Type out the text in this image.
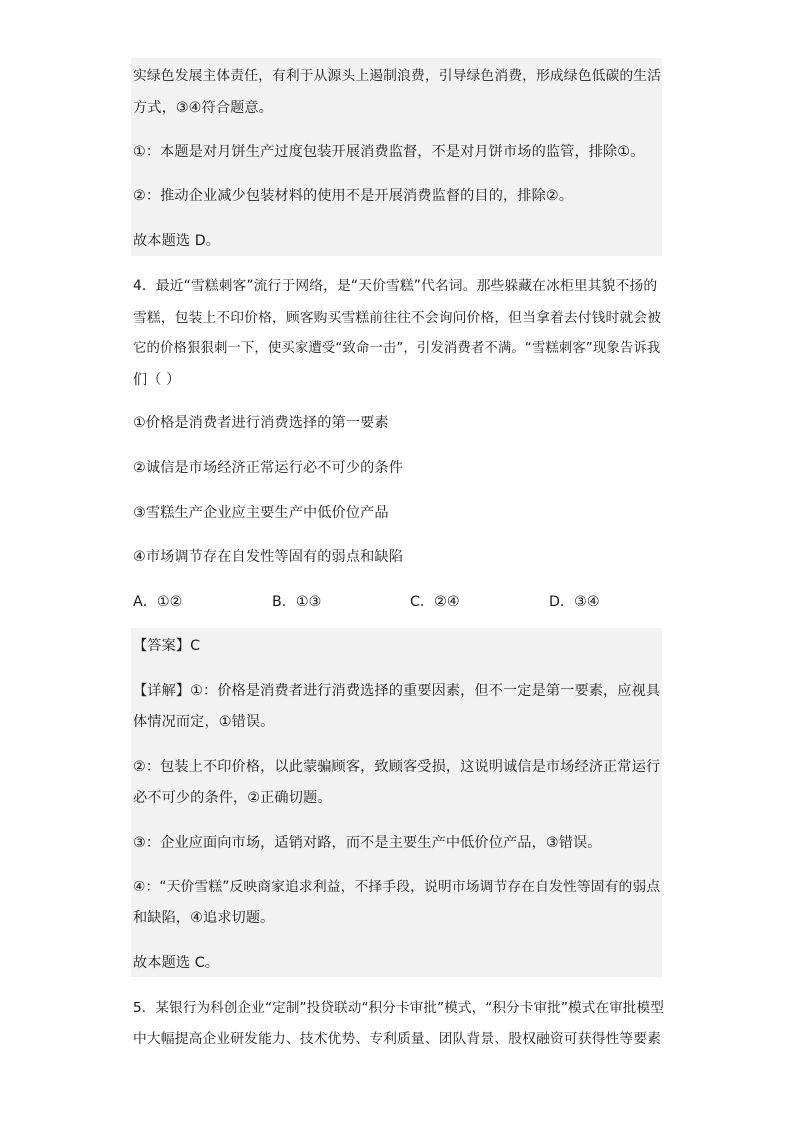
实绿色发展主体责任，有利于从源头上遏制浪费，引导绿色消费，形成绿色低碳的生活
方式，③④符合题意。
①：本题是对月饼生产过度包装开展消费监督，不是对月饼市场的监管，排除①。
②：推动企业减少包装材料的使用不是开展消费监督的目的，排除②。
故本题选 D。
4．最近“雪糕刺客”流行于网络，是“天价雪糕”代名词。那些躲藏在冰柜里其貌不扬的
雪糕，包装上不印价格，顾客购买雪糕前往往不会询问价格，但当拿着去付钱时就会被
它的价格狠狠刺一下，使买家遭受“致命一击”，引发消费者不满。“雪糕刺客”现象告诉我
们（ ）
①价格是消费者进行消费选择的第一要素
②诚信是市场经济正常运行必不可少的条件
③雪糕生产企业应主要生产中低价位产品
④市场调节存在自发性等固有的弱点和缺陷
A．①②	B．①③	C．②④	D．③④
【答案】C
【详解】①：价格是消费者进行消费选择的重要因素，但不一定是第一要素，应视具
体情况而定，①错误。
②：包装上不印价格，以此蒙骗顾客，致顾客受损，这说明诚信是市场经济正常运行
必不可少的条件，②正确切题。
③：企业应面向市场，适销对路，而不是主要生产中低价位产品，③错误。
④：“天价雪糕”反映商家追求利益，不择手段，说明市场调节存在自发性等固有的弱点
和缺陷，④追求切题。
故本题选 C。
5．某银行为科创企业“定制”投贷联动“积分卡审批”模式，“积分卡审批”模式在审批模型
中大幅提高企业研发能力、技术优势、专利质量、团队背景、股权融资可获得性等要素
